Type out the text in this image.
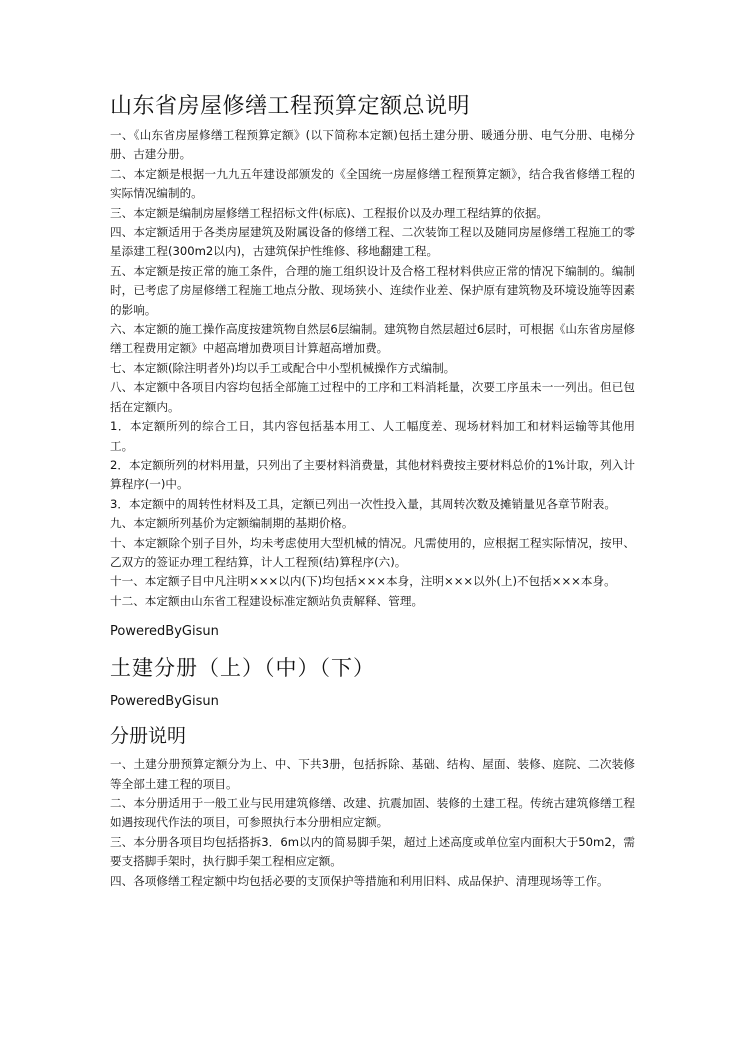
山东省房屋修缮工程预算定额总说明

一、《山东省房屋修缮工程预算定额》(以下简称本定额)包括土建分册、暖通分册、电气分册、电梯分册、古建分册。

二、本定额是根据一九九五年建设部颁发的《全国统一房屋修缮工程预算定额》，结合我省修缮工程的实际情况编制的。

三、本定额是编制房屋修缮工程招标文件(标底)、工程报价以及办理工程结算的依据。

四、本定额适用于各类房屋建筑及附属设备的修缮工程、二次装饰工程以及随同房屋修缮工程施工的零星添建工程(300m2以内)，古建筑保护性维修、移地翻建工程。

五、本定额是按正常的施工条件，合理的施工组织设计及合格工程材料供应正常的情况下编制的。编制时，已考虑了房屋修缮工程施工地点分散、现场狭小、连续作业差、保护原有建筑物及环境设施等因素的影响。

六、本定额的施工操作高度按建筑物自然层6层编制。建筑物自然层超过6层时，可根据《山东省房屋修缮工程费用定额》中超高增加费项目计算超高增加费。

七、本定额(除注明者外)均以手工或配合中小型机械操作方式编制。

八、本定额中各项目内容均包括全部施工过程中的工序和工料消耗量，次要工序虽未一一列出。但已包括在定额内。

1．本定额所列的综合工日，其内容包括基本用工、人工幅度差、现场材料加工和材料运输等其他用工。

2．本定额所列的材料用量，只列出了主要材料消费量，其他材料费按主要材料总价的1%计取，列入计算程序(一)中。

3．本定额中的周转性材料及工具，定额已列出一次性投入量，其周转次数及摊销量见各章节附表。

九、本定额所列基价为定额编制期的基期价格。

十、本定额除个别子目外，均未考虑使用大型机械的情况。凡需使用的，应根据工程实际情况，按甲、乙双方的签证办理工程结算，计人工程预(结)算程序(六)。

十一、本定额子目中凡注明×××以内(下)均包括×××本身，注明×××以外(上)不包括×××本身。

十二、本定额由山东省工程建设标准定额站负责解释、管理。

PoweredByGisun

土建分册（上）（中）（下）

PoweredByGisun

分册说明

一、土建分册预算定额分为上、中、下共3册，包括拆除、基础、结构、屋面、装修、庭院、二次装修等全部土建工程的项目。

二、本分册适用于一般工业与民用建筑修缮、改建、抗震加固、装修的土建工程。传统古建筑修缮工程如遇按现代作法的项目，可参照执行本分册相应定额。

三、本分册各项目均包括搭拆3．6m以内的简易脚手架，超过上述高度或单位室内面积大于50m2，需要支搭脚手架时，执行脚手架工程相应定额。

四、各项修缮工程定额中均包括必要的支顶保护等措施和利用旧料、成品保护、清理现场等工作。
